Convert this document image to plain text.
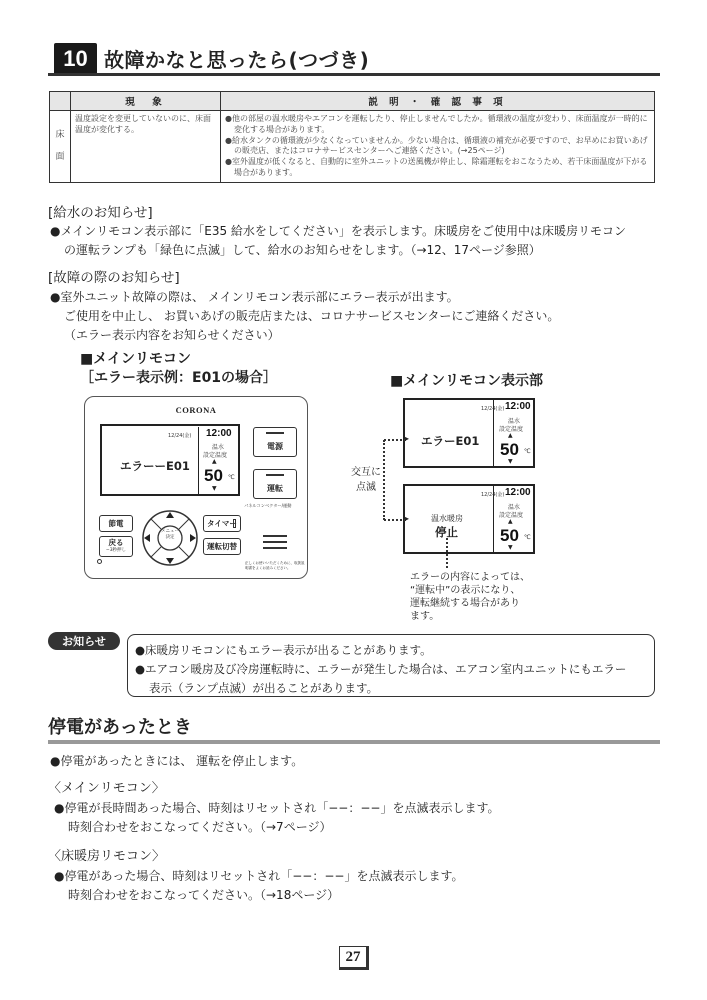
10 故障かなと思ったら(つづき)
	現　象	説 明 ・ 確 認 事 項

床
面	温度設定を変更していないのに、床面温度が変化する。	● 他の部屋の温水暖房やエアコンを運転したり、停止しませんでしたか。循環液の温度が変わり、床面温度が一時的に変化する場合があります。
● 給水タンクの循環液が少なくなっていませんか。少ない場合は、循環液の補充が必要ですので、お早めにお買いあげの販売店、またはコロナサービスセンターへご連絡ください。(→25ページ)
● 室外温度が低くなると、自動的に室外ユニットの送風機が停止し、除霜運転をおこなうため、若干床面温度が下がる場合があります。
[給水のお知らせ]
● メインリモコン表示部に「E35 給水をしてください」を表示します。床暖房をご使用中は床暖房リモコン
の運転ランプも「緑色に点滅」して、給水のお知らせをします。（→12、17ページ参照）
[故障の際のお知らせ]
● 室外ユニット故障の際は、 メインリモコン表示部にエラー表示が出ます。
ご使用を中止し、 お買いあげの販売店または、コロナサービスセンターにご連絡ください。
（エラー表示内容をお知らせください）
■メインリモコン
［エラー表示例：E01の場合］	■メインリモコン表示部
CORONA
12/24(金) 12:00
温水
設定温度
▲
50 ℃
▼
エラーーE01
電源
運転
パネルコンベクター/運動
節電
戻る
−3秒押し
メニュー
決定
タイマー
運転切替
正しくお使いいただくために、取扱説明書をよくお読みください。
12/24(金) 12:00
温水
設定温度
▲
50 ℃
▼
エラーE01
12/24(金) 12:00
温水
設定温度
▲
50 ℃
▼
温水暖房
停止
▸
▸
交互に
点滅
エラーの内容によっては、
“運転中”の表示になり、
運転継続する場合があり
ます。
お知らせ
● 床暖房リモコンにもエラー表示が出ることがあります。
● エアコン暖房及び冷房運転時に、エラーが発生した場合は、エアコン室内ユニットにもエラー
表示（ランプ点滅）が出ることがあります。
停電があったとき
● 停電があったときには、 運転を停止します。
〈メインリモコン〉
● 停電が長時間あった場合、時刻はリセットされ「−−：−−」を点滅表示します。
時刻合わせをおこなってください。（→7ページ）
〈床暖房リモコン〉
● 停電があった場合、時刻はリセットされ「−−：−−」を点滅表示します。
時刻合わせをおこなってください。（→18ページ）
27
